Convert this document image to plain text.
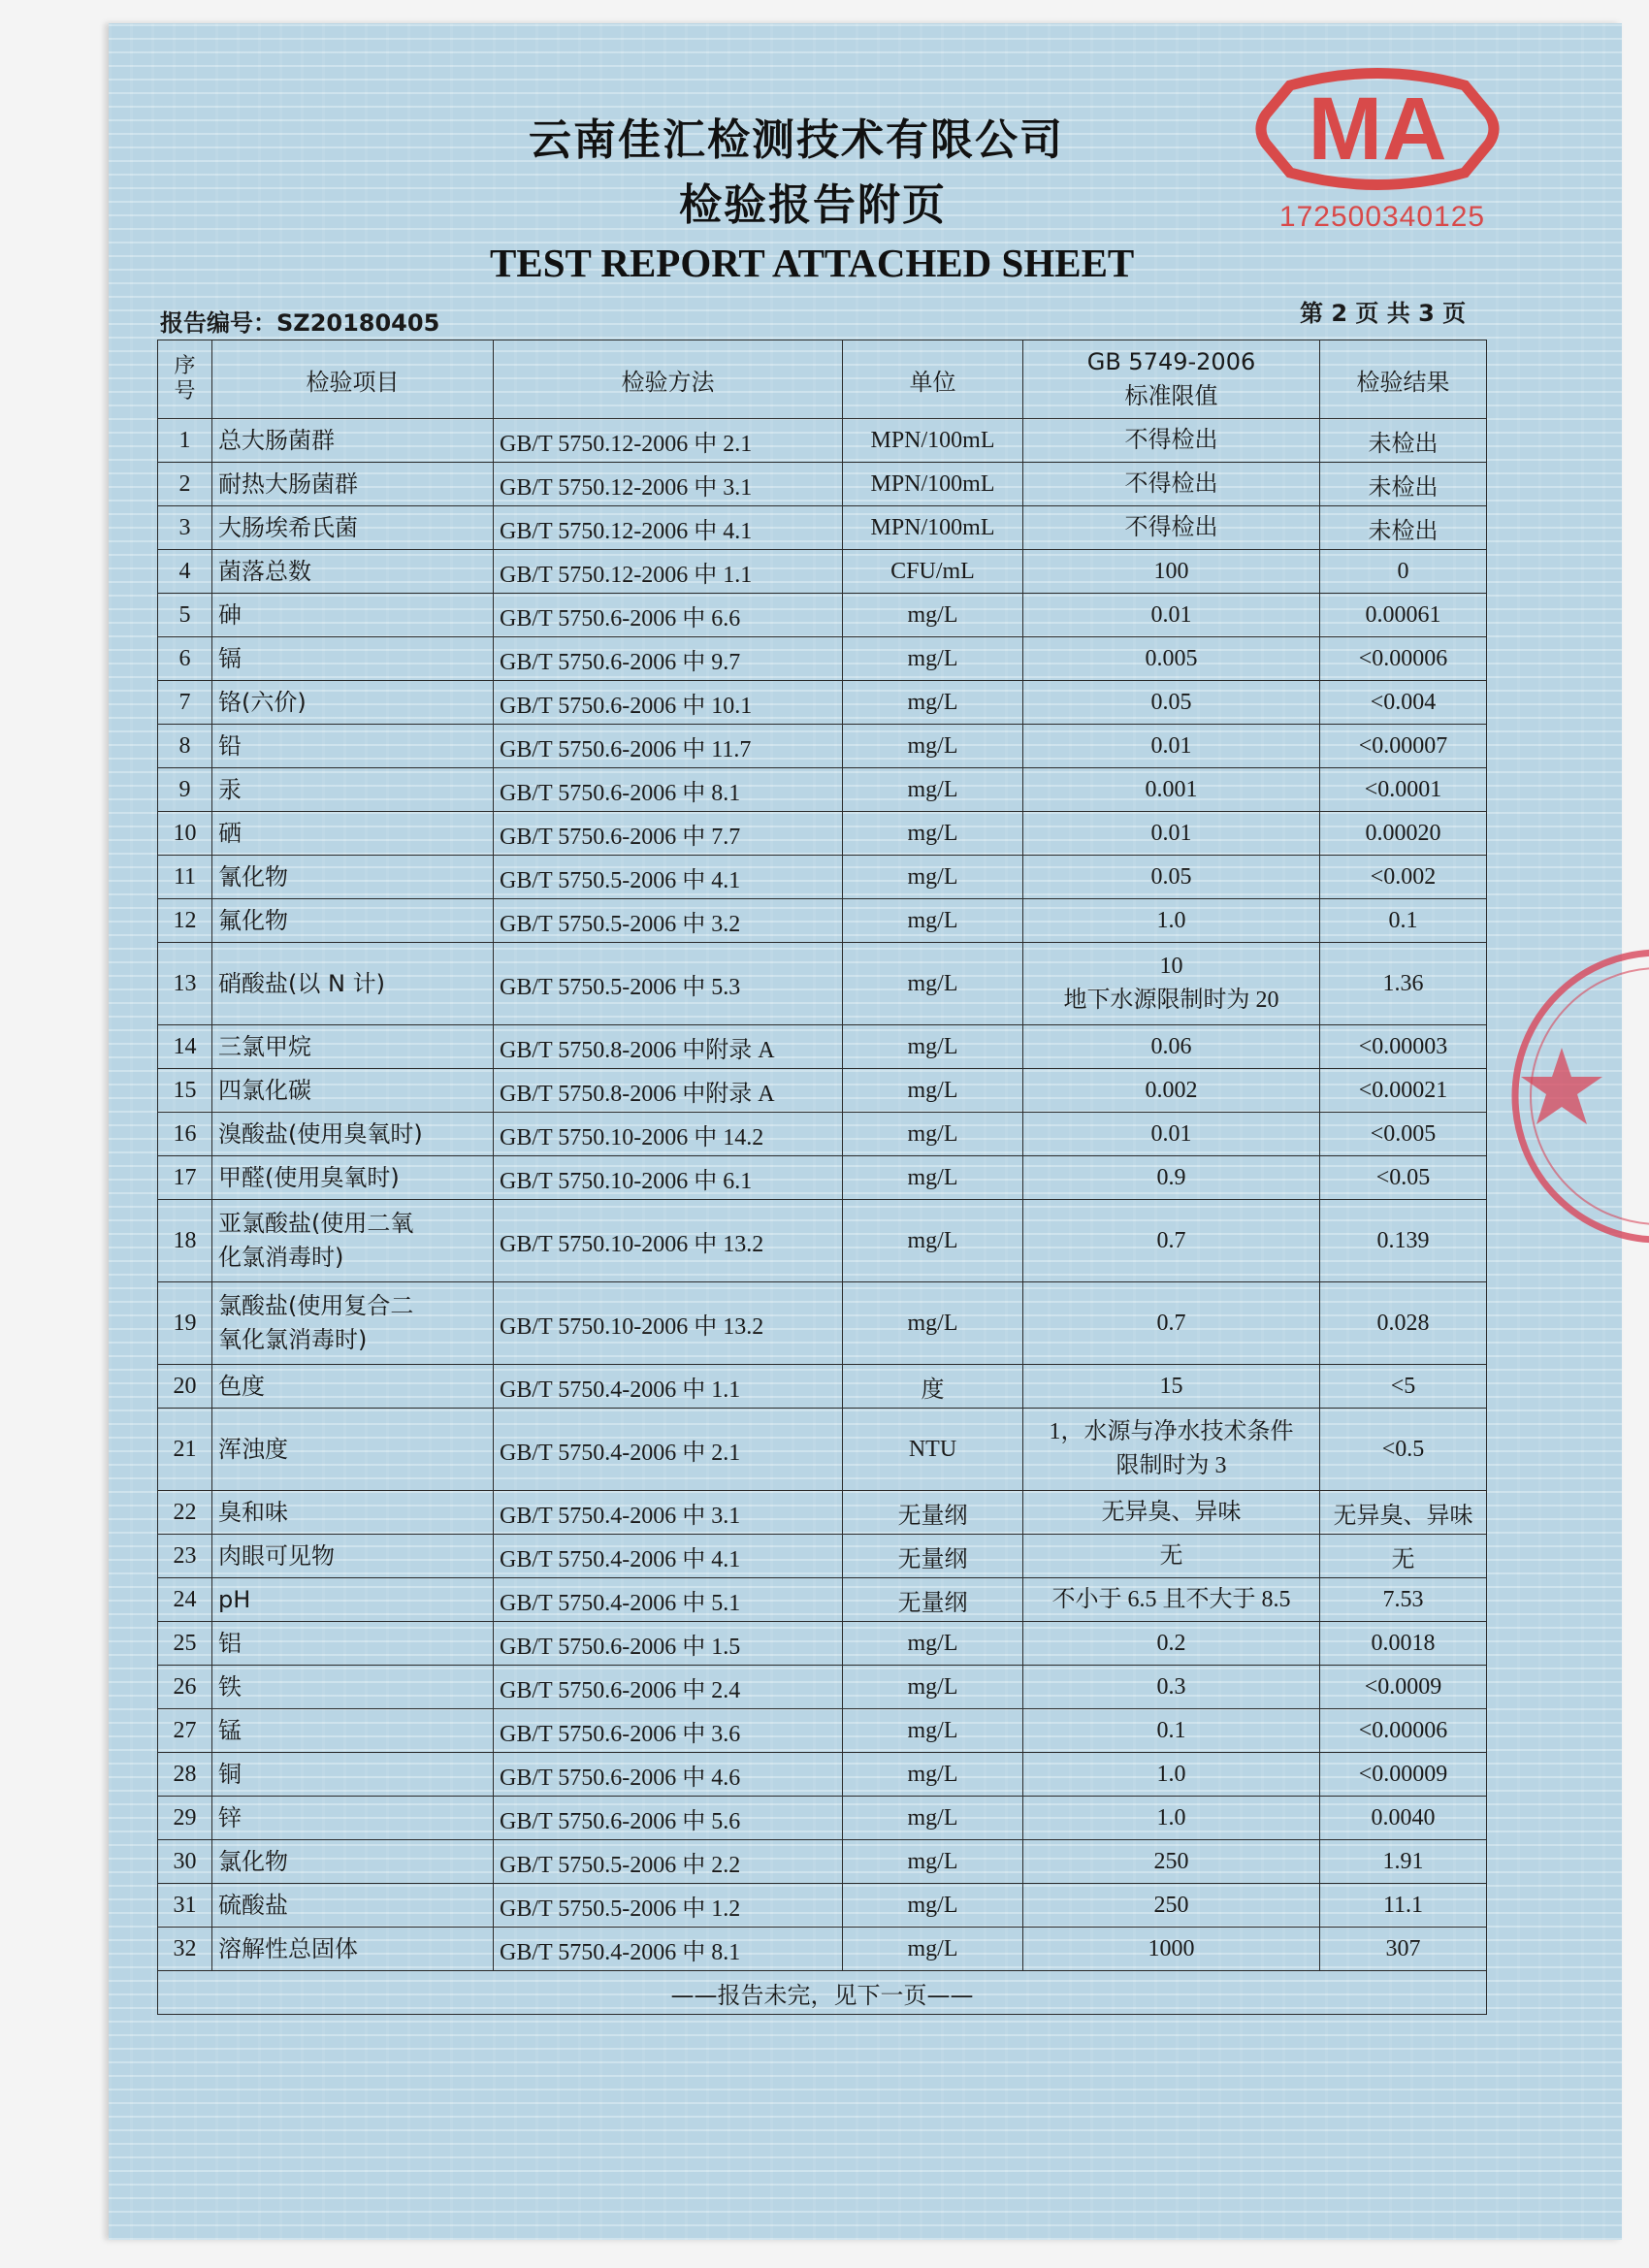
MA
172500340125
云南佳汇检测技术有限公司
检验报告附页
TEST REPORT ATTACHED SHEET
报告编号：SZ20180405	第 2 页 共 3 页
序
号	检验项目	检验方法	单位	GB 5749-2006
标准限值	检验结果
1	总大肠菌群	GB/T 5750.12-2006 中 2.1	MPN/100mL	不得检出	未检出
2	耐热大肠菌群	GB/T 5750.12-2006 中 3.1	MPN/100mL	不得检出	未检出
3	大肠埃希氏菌	GB/T 5750.12-2006 中 4.1	MPN/100mL	不得检出	未检出
4	菌落总数	GB/T 5750.12-2006 中 1.1	CFU/mL	100	0
5	砷	GB/T 5750.6-2006 中 6.6	mg/L	0.01	0.00061
6	镉	GB/T 5750.6-2006 中 9.7	mg/L	0.005	<0.00006
7	铬(六价)	GB/T 5750.6-2006 中 10.1	mg/L	0.05	<0.004
8	铅	GB/T 5750.6-2006 中 11.7	mg/L	0.01	<0.00007
9	汞	GB/T 5750.6-2006 中 8.1	mg/L	0.001	<0.0001
10	硒	GB/T 5750.6-2006 中 7.7	mg/L	0.01	0.00020
11	氰化物	GB/T 5750.5-2006 中 4.1	mg/L	0.05	<0.002
12	氟化物	GB/T 5750.5-2006 中 3.2	mg/L	1.0	0.1
13	硝酸盐(以 N 计)	GB/T 5750.5-2006 中 5.3	mg/L	10
地下水源限制时为 20	1.36
14	三氯甲烷	GB/T 5750.8-2006 中附录 A	mg/L	0.06	<0.00003
15	四氯化碳	GB/T 5750.8-2006 中附录 A	mg/L	0.002	<0.00021
16	溴酸盐(使用臭氧时)	GB/T 5750.10-2006 中 14.2	mg/L	0.01	<0.005
17	甲醛(使用臭氧时)	GB/T 5750.10-2006 中 6.1	mg/L	0.9	<0.05
18	亚氯酸盐(使用二氧
化氯消毒时)	GB/T 5750.10-2006 中 13.2	mg/L	0.7	0.139
19	氯酸盐(使用复合二
氧化氯消毒时)	GB/T 5750.10-2006 中 13.2	mg/L	0.7	0.028
20	色度	GB/T 5750.4-2006 中 1.1	度	15	<5
21	浑浊度	GB/T 5750.4-2006 中 2.1	NTU	1，水源与净水技术条件
限制时为 3	<0.5
22	臭和味	GB/T 5750.4-2006 中 3.1	无量纲	无异臭、异味	无异臭、异味
23	肉眼可见物	GB/T 5750.4-2006 中 4.1	无量纲	无	无
24	pH	GB/T 5750.4-2006 中 5.1	无量纲	不小于 6.5 且不大于 8.5	7.53
25	铝	GB/T 5750.6-2006 中 1.5	mg/L	0.2	0.0018
26	铁	GB/T 5750.6-2006 中 2.4	mg/L	0.3	<0.0009
27	锰	GB/T 5750.6-2006 中 3.6	mg/L	0.1	<0.00006
28	铜	GB/T 5750.6-2006 中 4.6	mg/L	1.0	<0.00009
29	锌	GB/T 5750.6-2006 中 5.6	mg/L	1.0	0.0040
30	氯化物	GB/T 5750.5-2006 中 2.2	mg/L	250	1.91
31	硫酸盐	GB/T 5750.5-2006 中 1.2	mg/L	250	11.1
32	溶解性总固体	GB/T 5750.4-2006 中 8.1	mg/L	1000	307
——报告未完，见下一页——					
